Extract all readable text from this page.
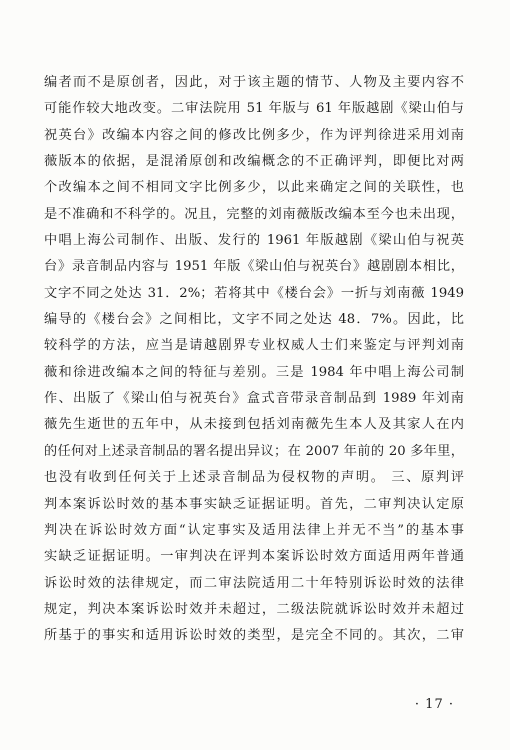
编者而不是原创者，因此，对于该主题的情节、人物及主要内容不
可能作较大地改变。二审法院用 51 年版与 61 年版越剧《梁山伯与
祝英台》改编本内容之间的修改比例多少，作为评判徐进采用刘南
薇版本的依据，是混淆原创和改编概念的不正确评判，即便比对两
个改编本之间不相同文字比例多少，以此来确定之间的关联性，也
是不准确和不科学的。况且，完整的刘南薇版改编本至今也未出现，
中唱上海公司制作、出版、发行的 1961 年版越剧《梁山伯与祝英
台》录音制品内容与 1951 年版《梁山伯与祝英台》越剧剧本相比，
文字不同之处达 31．2%；若将其中《楼台会》一折与刘南薇 1949
编导的《楼台会》之间相比，文字不同之处达 48．7%。因此，比
较科学的方法，应当是请越剧界专业权威人士们来鉴定与评判刘南
薇和徐进改编本之间的特征与差别。三是 1984 年中唱上海公司制
作、出版了《梁山伯与祝英台》盒式音带录音制品到 1989 年刘南
薇先生逝世的五年中，从未接到包括刘南薇先生本人及其家人在内
的任何对上述录音制品的署名提出异议；在 2007 年前的 20 多年里，
也没有收到任何关于上述录音制品为侵权物的声明。 三、原判评
判本案诉讼时效的基本事实缺乏证据证明。首先，二审判决认定原
判决在诉讼时效方面“认定事实及适用法律上并无不当”的基本事
实缺乏证据证明。一审判决在评判本案诉讼时效方面适用两年普通
诉讼时效的法律规定，而二审法院适用二十年特别诉讼时效的法律
规定，判决本案诉讼时效并未超过，二级法院就诉讼时效并未超过
所基于的事实和适用诉讼时效的类型，是完全不同的。其次，二审
· 17 ·
